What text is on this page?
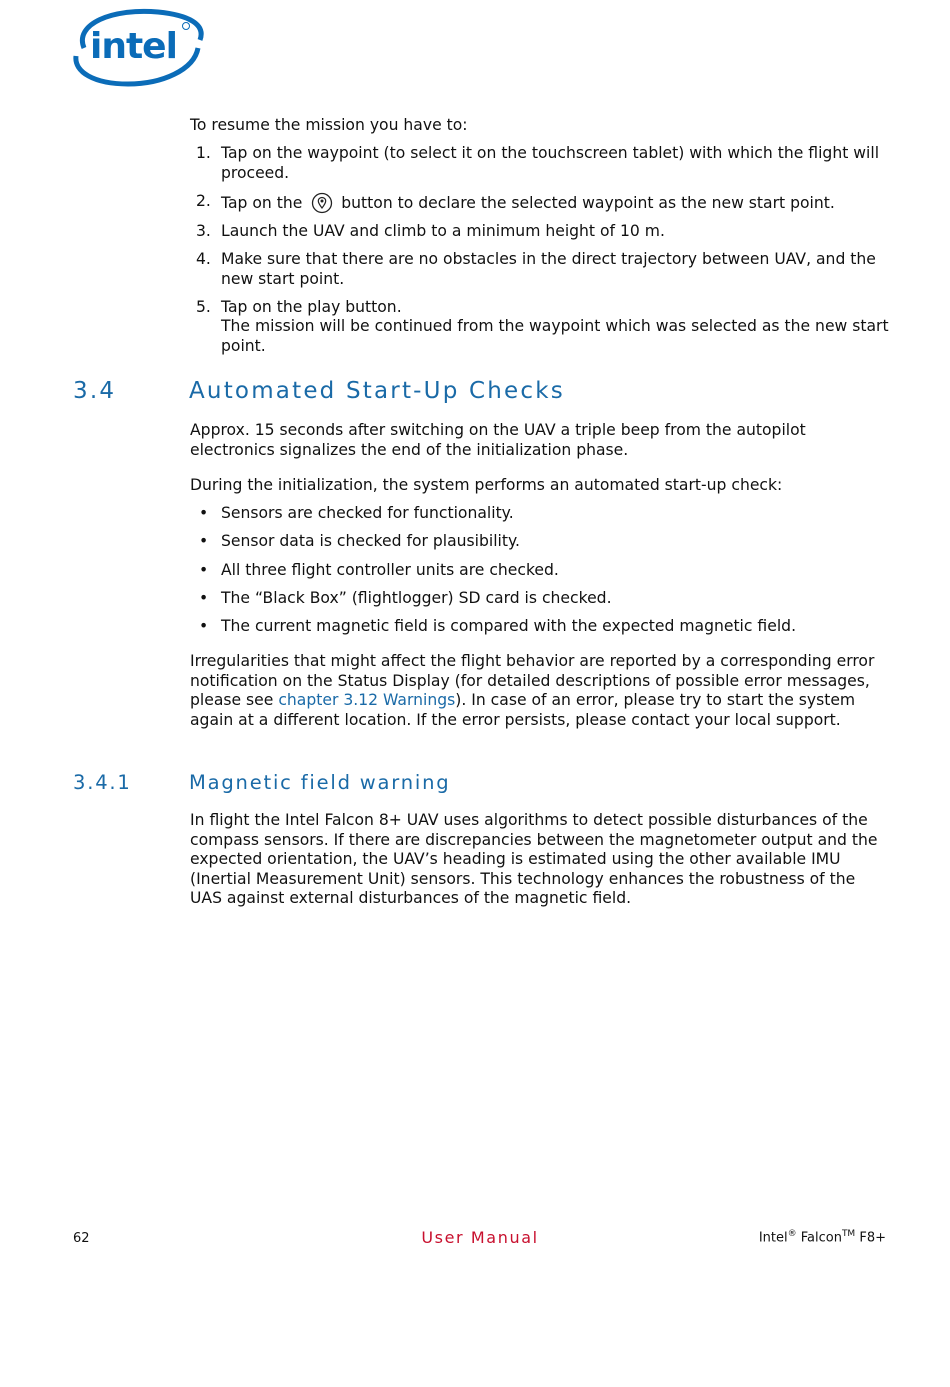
intel

To resume the mission you have to:

1. Tap on the waypoint (to select it on the touchscreen tablet) with which the flight will proceed.
2. Tap on the button to declare the selected waypoint as the new start point.
3. Launch the UAV and climb to a minimum height of 10 m.
4. Make sure that there are no obstacles in the direct trajectory between UAV, and the new start point.
5. Tap on the play button.
The mission will be continued from the waypoint which was selected as the new start point.
3.4	Automated Start-Up Checks

Approx. 15 seconds after switching on the UAV a triple beep from the autopilot electronics signalizes the end of the initialization phase.

During the initialization, the system performs an automated start-up check:

• Sensors are checked for functionality.
• Sensor data is checked for plausibility.
• All three flight controller units are checked.
• The “Black Box” (flightlogger) SD card is checked.
• The current magnetic field is compared with the expected magnetic field.

Irregularities that might affect the flight behavior are reported by a corresponding error notification on the Status Display (for detailed descriptions of possible error messages, please see chapter 3.12 Warnings). In case of an error, please try to start the system again at a different location. If the error persists, please contact your local support.

3.4.1	Magnetic field warning

In flight the Intel Falcon 8+ UAV uses algorithms to detect possible disturbances of the compass sensors. If there are discrepancies between the magnetometer output and the expected orientation, the UAV’s heading is estimated using the other available IMU (Inertial Measurement Unit) sensors. This technology enhances the robustness of the UAS against external disturbances of the magnetic field.

62	User Manual	Intel® Falcon™ F8+
